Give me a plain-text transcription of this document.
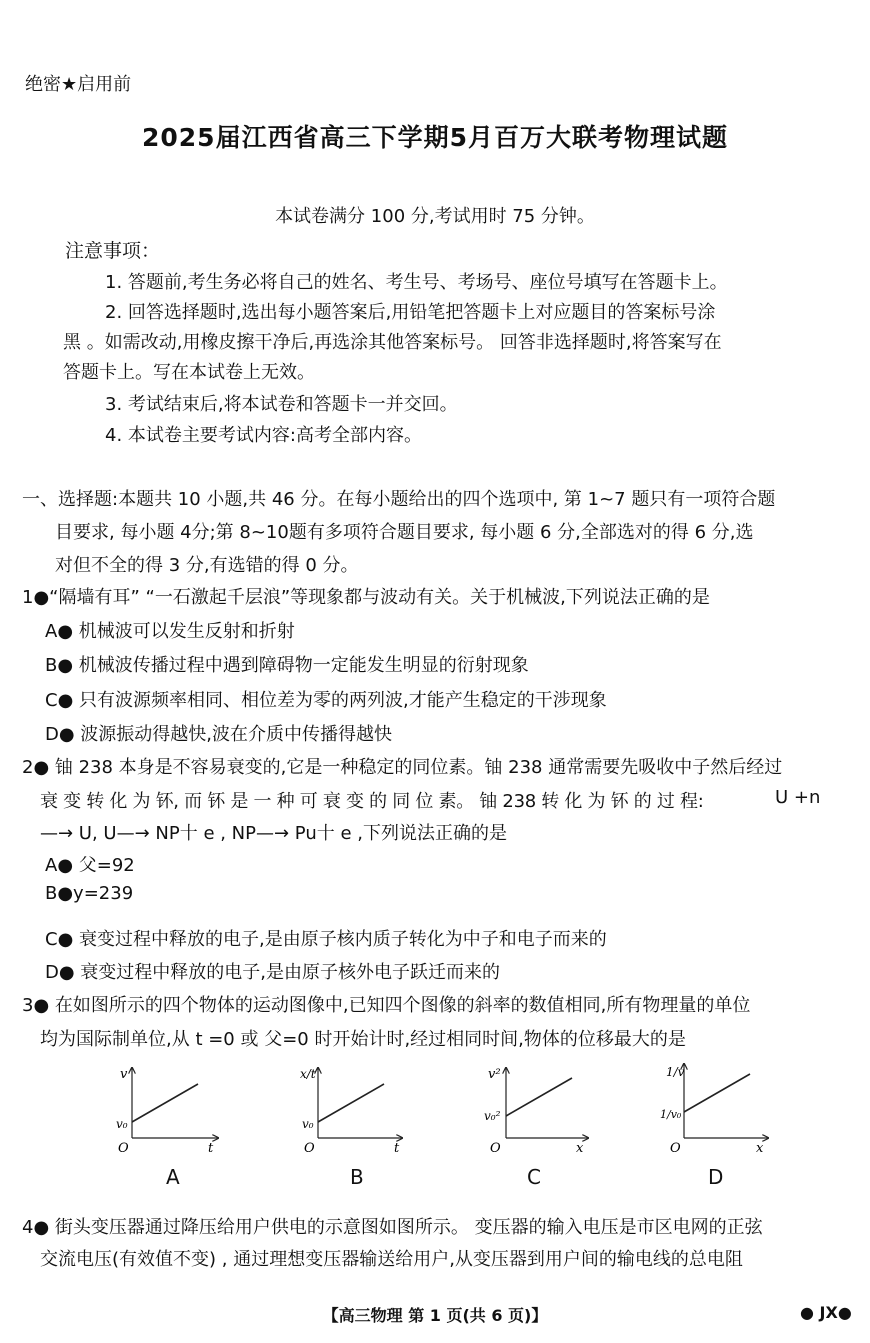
绝密★启用前
2025届江西省高三下学期5月百万大联考物理试题
本试卷满分 100 分,考试用时 75 分钟。
注意事项：
1. 答题前,考生务必将自己的姓名、考生号、考场号、座位号填写在答题卡上。
2. 回答选择题时,选出每小题答案后,用铅笔把答题卡上对应题目的答案标号涂
黑 。如需改动,用橡皮擦干净后,再选涂其他答案标号。 回答非选择题时,将答案写在
答题卡上。写在本试卷上无效。
3. 考试结束后,将本试卷和答题卡一并交回。
4. 本试卷主要考试内容:高考全部内容。
一、选择题:本题共 10 小题,共 46 分。在每小题给出的四个选项中, 第 1~7 题只有一项符合题
目要求, 每小题 4分;第 8~10题有多项符合题目要求, 每小题 6 分,全部选对的得 6 分,选
对但不全的得 3 分,有选错的得 0 分。
1●“隔墙有耳” “一石激起千层浪”等现象都与波动有关。关于机械波,下列说法正确的是
A● 机械波可以发生反射和折射
B● 机械波传播过程中遇到障碍物一定能发生明显的衍射现象
C● 只有波源频率相同、相位差为零的两列波,才能产生稳定的干涉现象
D● 波源振动得越快,波在介质中传播得越快
2● 铀 238 本身是不容易衰变的,它是一种稳定的同位素。铀 238 通常需要先吸收中子然后经过
衰 变 转 化 为 钚, 而 钚 是 一 种 可 衰 变 的 同 位 素。 铀 238 转 化 为 钚 的 过 程:	U +n
—→ U, U—→ NP十 e , NP—→ Pu十 e ,下列说法正确的是
A● 父=92
B●y=239
C● 衰变过程中释放的电子,是由原子核内质子转化为中子和电子而来的
D● 衰变过程中释放的电子,是由原子核外电子跃迁而来的
3● 在如图所示的四个物体的运动图像中,已知四个图像的斜率的数值相同,所有物理量的单位
均为国际制单位,从 t =0 或 父=0 时开始计时,经过相同时间,物体的位移最大的是
v
t
v₀
O
x/t
t
v₀
O
v²
x
v₀²
O
1/v
x
1/v₀
O
A	B	C	D
4● 街头变压器通过降压给用户供电的示意图如图所示。 变压器的输入电压是市区电网的正弦
交流电压(有效值不变) , 通过理想变压器输送给用户,从变压器到用户间的输电线的总电阻
【高三物理 第 1 页(共 6 页)】	● JX●
